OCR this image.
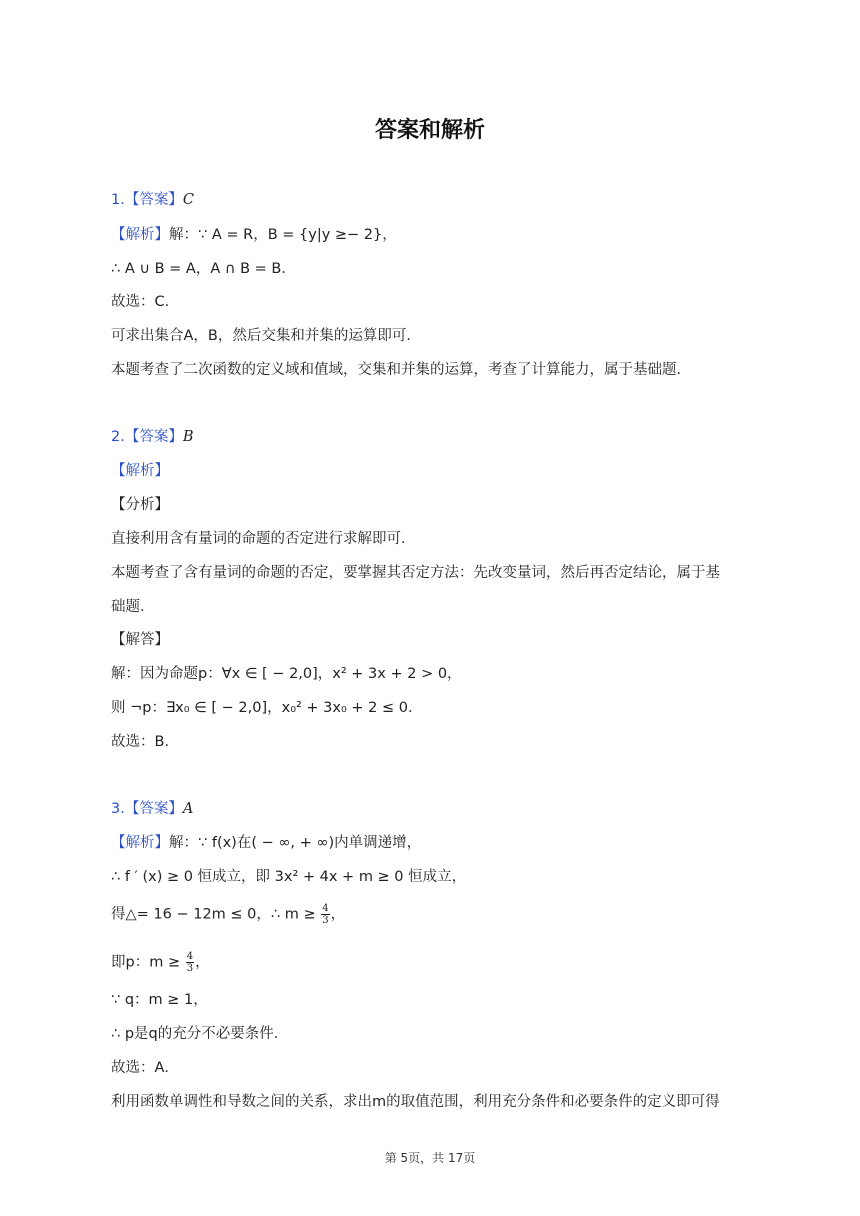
答案和解析
1.【答案】C
【解析】解：∵ A = R，B = {y|y ≥− 2}，
∴ A ∪ B = A，A ∩ B = B．
故选：C．
可求出集合A，B，然后交集和并集的运算即可．
本题考查了二次函数的定义域和值域，交集和并集的运算，考查了计算能力，属于基础题．
2.【答案】B
【解析】
【分析】
直接利用含有量词的命题的否定进行求解即可．
本题考查了含有量词的命题的否定，要掌握其否定方法：先改变量词，然后再否定结论，属于基
础题．
【解答】
解：因为命题p：∀x ∈ [ − 2,0]，x² + 3x + 2 > 0，
则 ¬p：∃x₀ ∈ [ − 2,0]，x₀² + 3x₀ + 2 ≤ 0．
故选：B．
3.【答案】A
【解析】解：∵ f(x)在( − ∞, + ∞)内单调递增，
∴ f ′ (x) ≥ 0 恒成立，即 3x² + 4x + m ≥ 0 恒成立，
得△= 16 − 12m ≤ 0，∴ $m \ge \frac{4}{3}$ ，
即p：$m \ge \frac{4}{3}$ ，
∵ q：m ≥ 1，
∴ p是q的充分不必要条件．
故选：A．
利用函数单调性和导数之间的关系，求出m的取值范围，利用充分条件和必要条件的定义即可得
第 5页，共 17页
